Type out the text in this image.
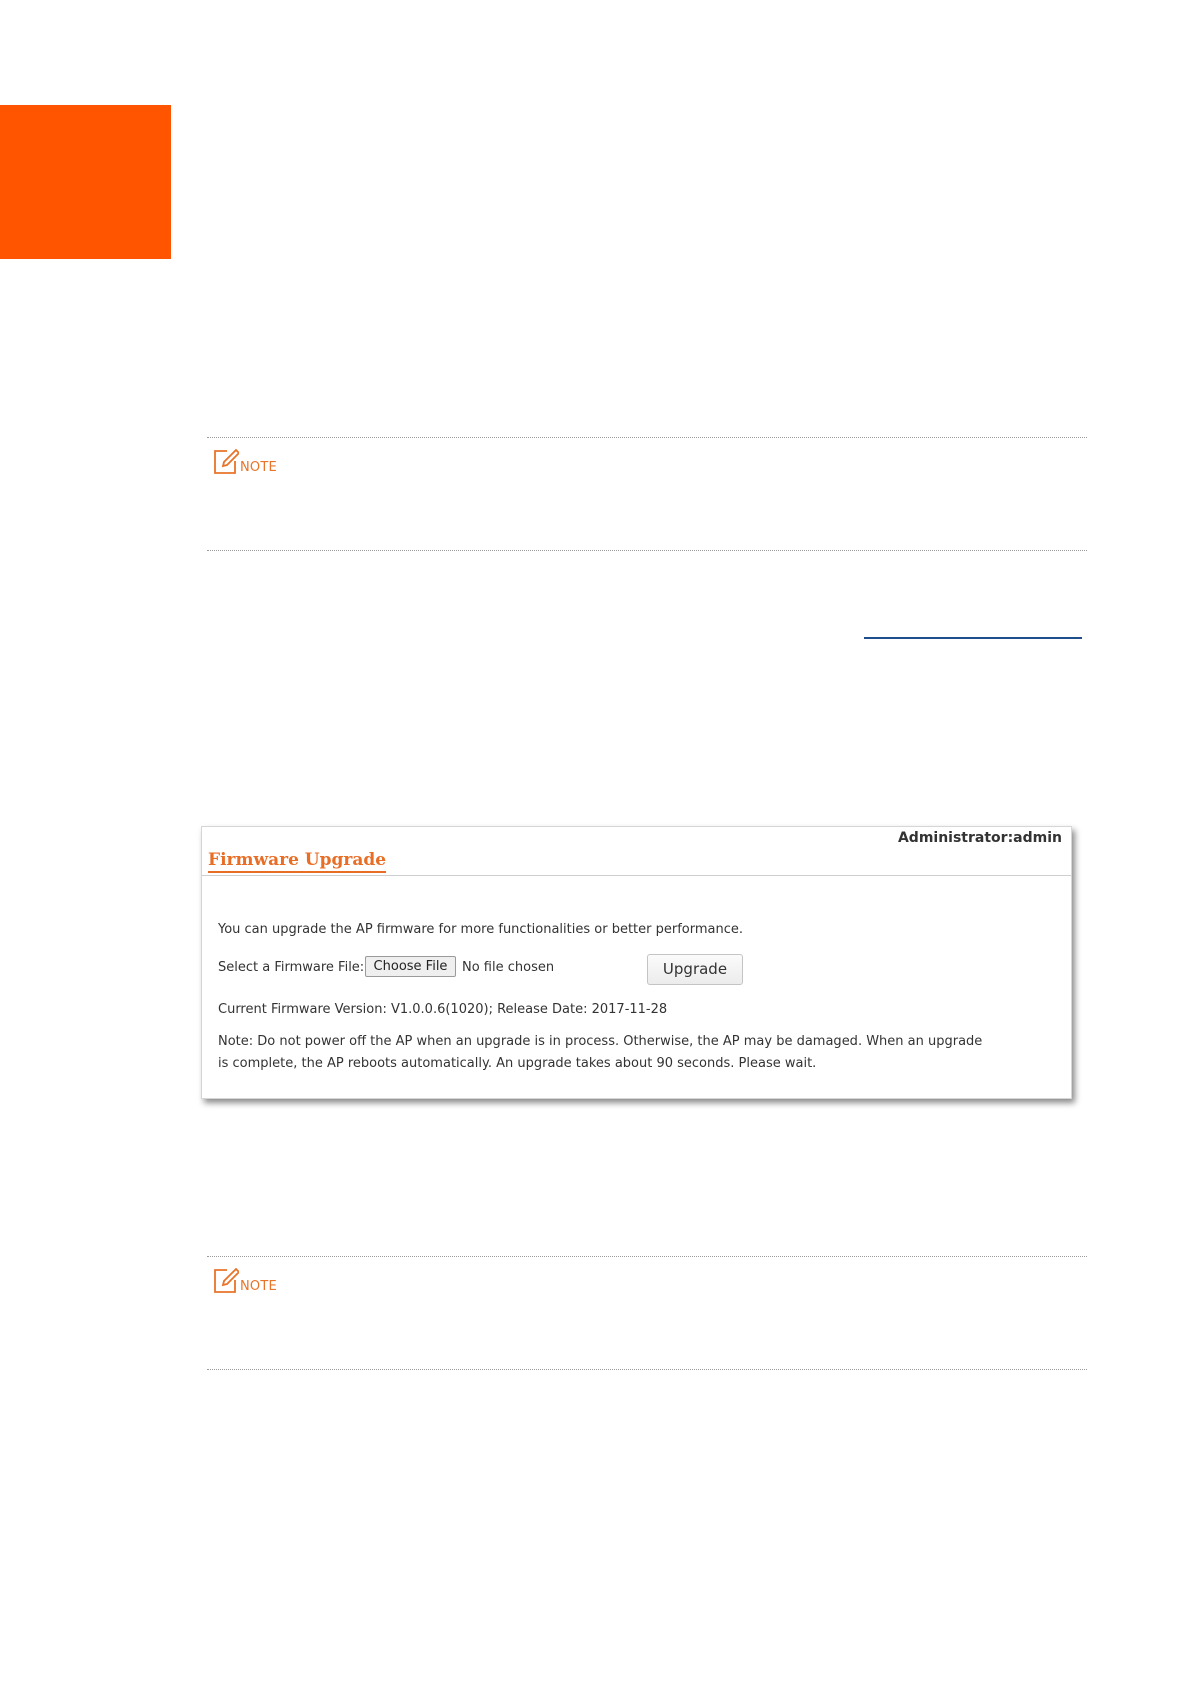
NOTE
Administrator:admin
Firmware Upgrade
You can upgrade the AP firmware for more functionalities or better performance.
Select a Firmware File: Choose File	No file chosen	Upgrade
Current Firmware Version: V1.0.0.6(1020); Release Date: 2017-11-28
Note: Do not power off the AP when an upgrade is in process. Otherwise, the AP may be damaged. When an upgrade
is complete, the AP reboots automatically. An upgrade takes about 90 seconds. Please wait.
NOTE
